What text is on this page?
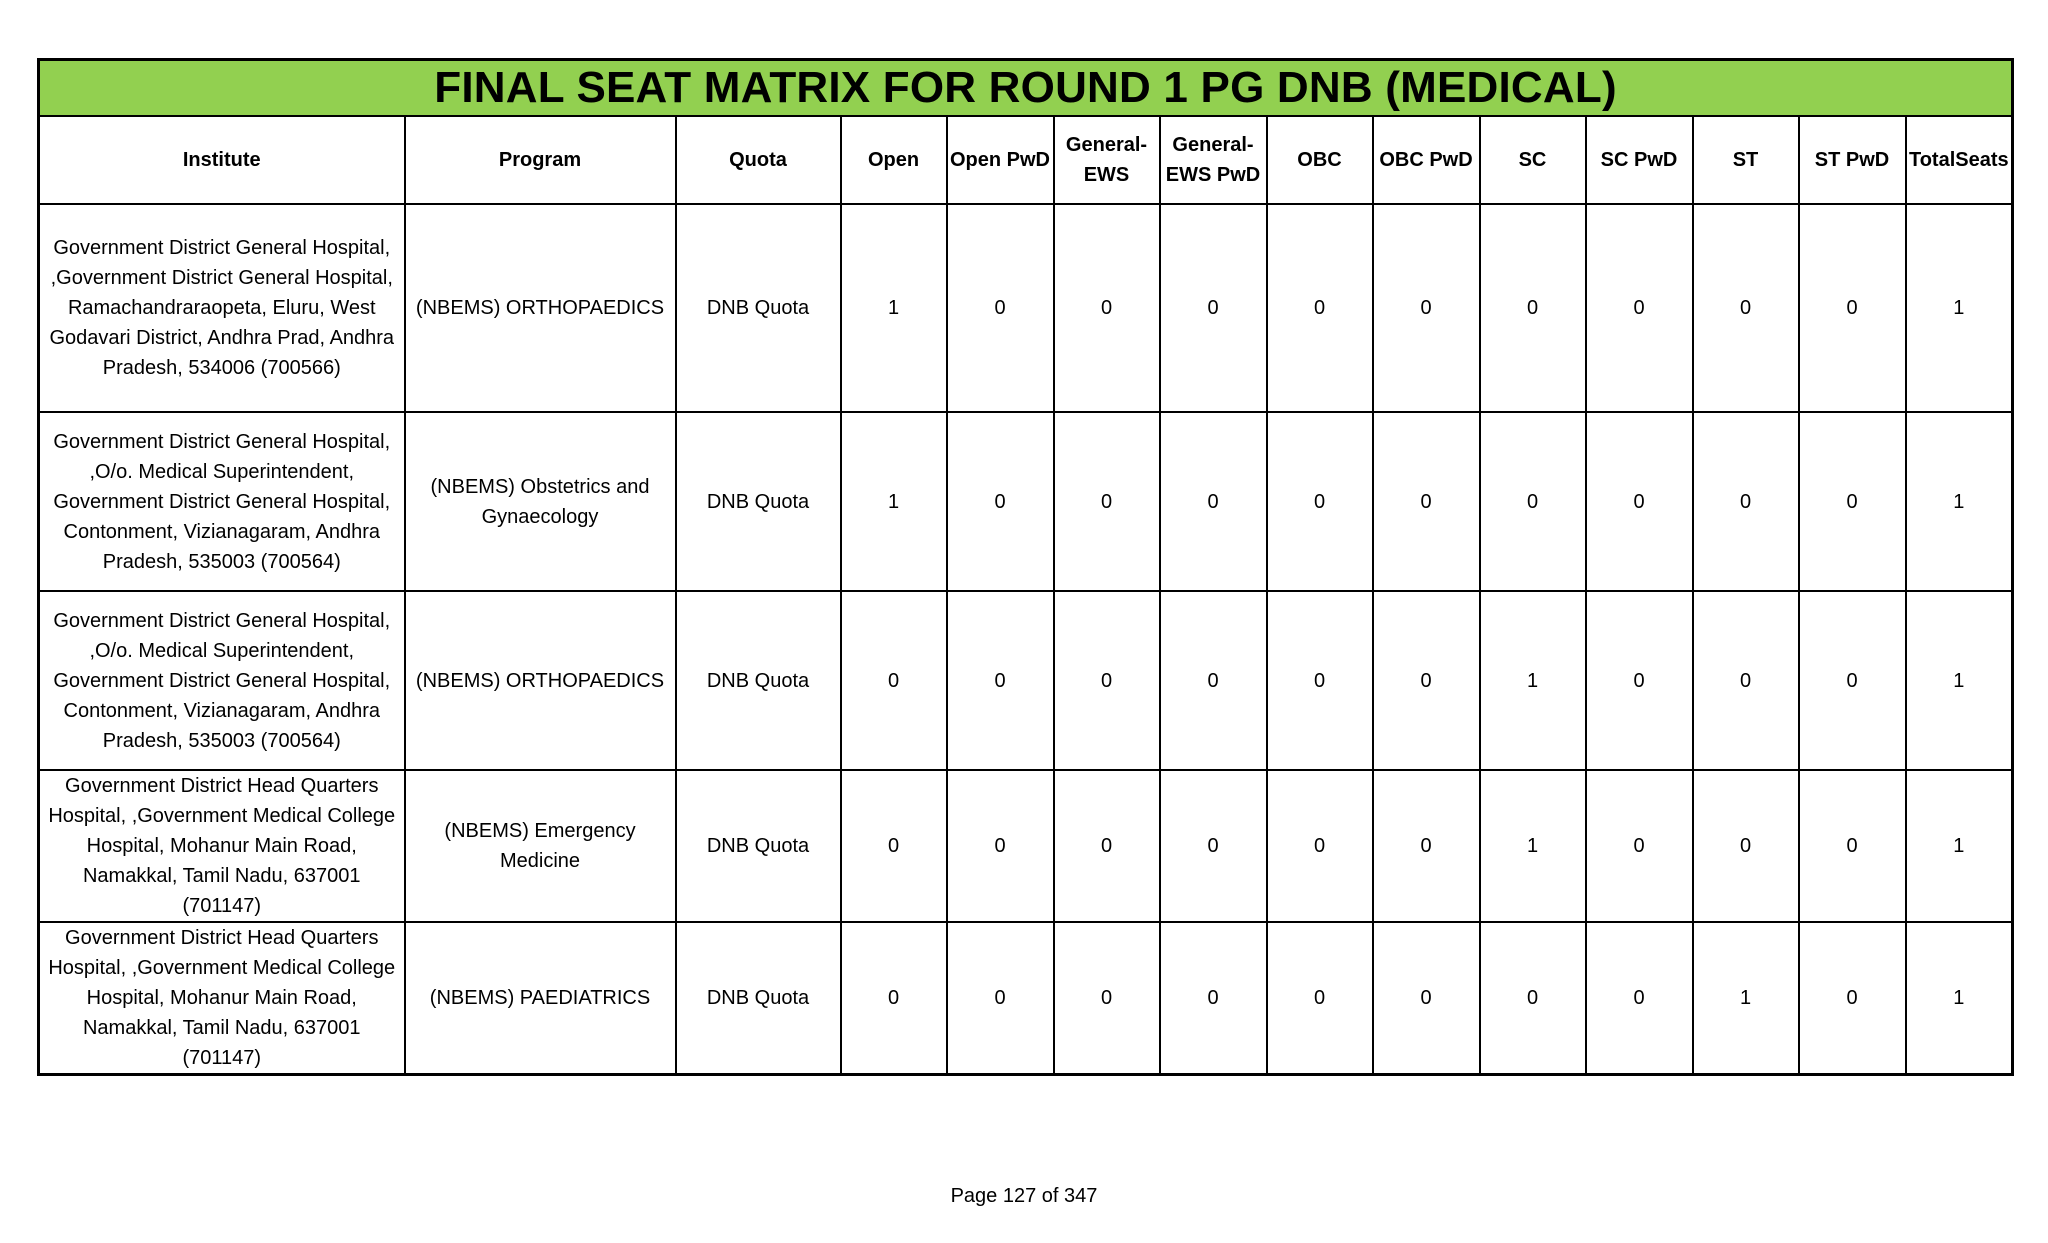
FINAL SEAT MATRIX FOR ROUND 1 PG DNB (MEDICAL)													
Institute	Program	Quota	Open	Open PwD	General-EWS	General-EWS PwD	OBC	OBC PwD	SC	SC PwD	ST	ST PwD	TotalSeats
Government District General Hospital, ,Government District General Hospital, Ramachandraraopeta, Eluru, West Godavari District, Andhra Prad, Andhra Pradesh, 534006 (700566)	(NBEMS) ORTHOPAEDICS	DNB Quota	1	0	0	0	0	0	0	0	0	0	1
Government District General Hospital, ,O/o. Medical Superintendent, Government District General Hospital, Contonment, Vizianagaram, Andhra Pradesh, 535003 (700564)	(NBEMS) Obstetrics and Gynaecology	DNB Quota	1	0	0	0	0	0	0	0	0	0	1
Government District General Hospital, ,O/o. Medical Superintendent, Government District General Hospital, Contonment, Vizianagaram, Andhra Pradesh, 535003 (700564)	(NBEMS) ORTHOPAEDICS	DNB Quota	0	0	0	0	0	0	1	0	0	0	1
Government District Head Quarters Hospital, ,Government Medical College Hospital, Mohanur Main Road, Namakkal, Tamil Nadu, 637001 (701147)	(NBEMS) Emergency Medicine	DNB Quota	0	0	0	0	0	0	1	0	0	0	1
Government District Head Quarters Hospital, ,Government Medical College Hospital, Mohanur Main Road, Namakkal, Tamil Nadu, 637001 (701147)	(NBEMS) PAEDIATRICS	DNB Quota	0	0	0	0	0	0	0	0	1	0	1
Page 127 of 347
